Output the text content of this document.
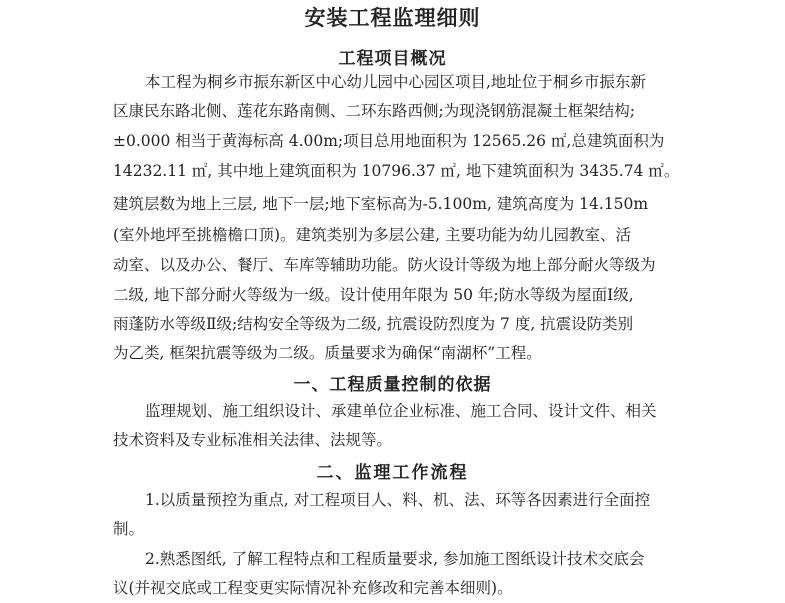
安装工程监理细则
工程项目概况
本工程为桐乡市振东新区中心幼儿园中心园区项目,地址位于桐乡市振东新
区康民东路北侧、莲花东路南侧、二环东路西侧;为现浇钢筋混凝土框架结构;
±0.000 相当于黄海标高 4.00m;项目总用地面积为 12565.26 ㎡,总建筑面积为
14232.11 ㎡, 其中地上建筑面积为 10796.37 ㎡, 地下建筑面积为 3435.74 ㎡。
建筑层数为地上三层, 地下一层;地下室标高为-5.100m, 建筑高度为 14.150m
(室外地坪至挑檐檐口顶)。建筑类别为多层公建, 主要功能为幼儿园教室、活
动室、以及办公、餐厅、车库等辅助功能。防火设计等级为地上部分耐火等级为
二级, 地下部分耐火等级为一级。设计使用年限为 50 年;防水等级为屋面Ⅰ级,
雨蓬防水等级Ⅱ级;结构安全等级为二级, 抗震设防烈度为 7 度, 抗震设防类别
为乙类, 框架抗震等级为二级。质量要求为确保“南湖杯”工程。
一、工程质量控制的依据
监理规划、施工组织设计、承建单位企业标准、施工合同、设计文件、相关
技术资料及专业标准相关法律、法规等。
二、监理工作流程
1.以质量预控为重点, 对工程项目人、料、机、法、环等各因素进行全面控
制。
2.熟悉图纸, 了解工程特点和工程质量要求, 参加施工图纸设计技术交底会
议(并视交底或工程变更实际情况补充修改和完善本细则)。
